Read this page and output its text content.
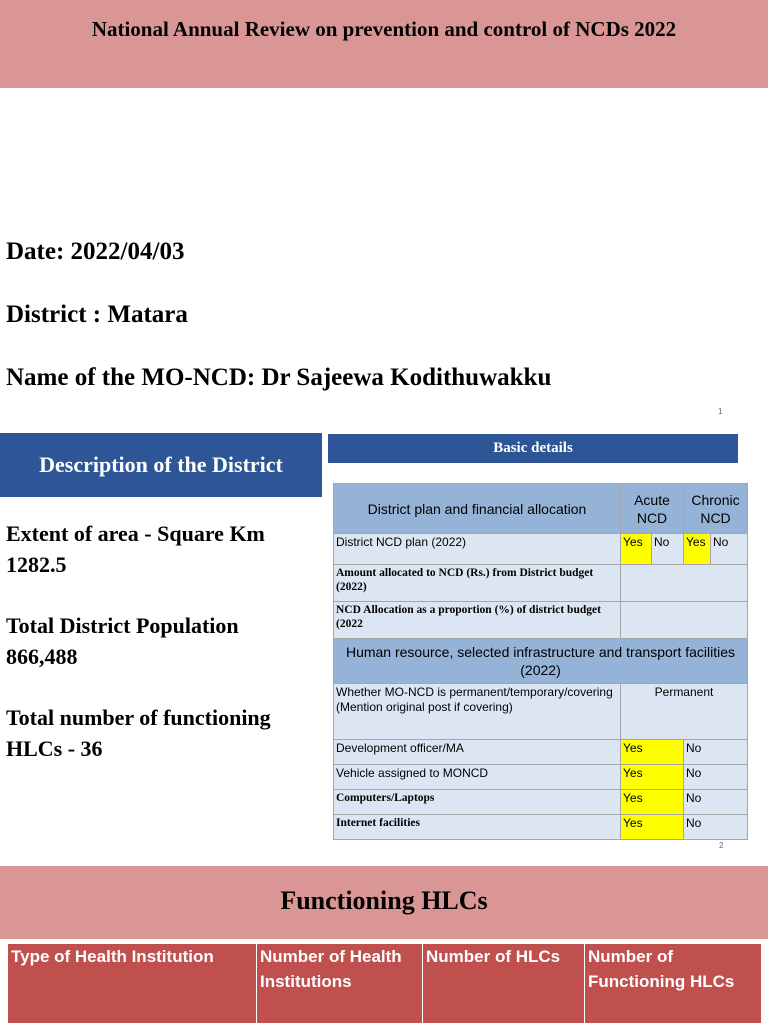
National Annual Review on prevention and control of NCDs 2022
Date: 2022/04/03
District : Matara
Name of the MO-NCD: Dr Sajeewa Kodithuwakku
1
Description of the District
Extent of area - Square Km
1282.5
Total District Population
866,488
Total number of functioning
HLCs - 36
Basic details
District plan and financial allocation	Acute NCD		Chronic NCD	
District NCD plan (2022)	Yes	No	Yes	No
Amount allocated to NCD (Rs.) from District budget (2022)				
NCD Allocation as a proportion (%) of district budget (2022				
Human resource, selected infrastructure and transport facilities (2022)				
Whether MO-NCD is permanent/temporary/covering (Mention original post if covering)	Permanent			
Development officer/MA	Yes		No	
Vehicle assigned to MONCD	Yes		No	
Computers/Laptops	Yes		No	
Internet facilities	Yes		No	
2
Functioning HLCs
Type of Health Institution	Number of Health Institutions	Number of HLCs	Number of Functioning HLCs
